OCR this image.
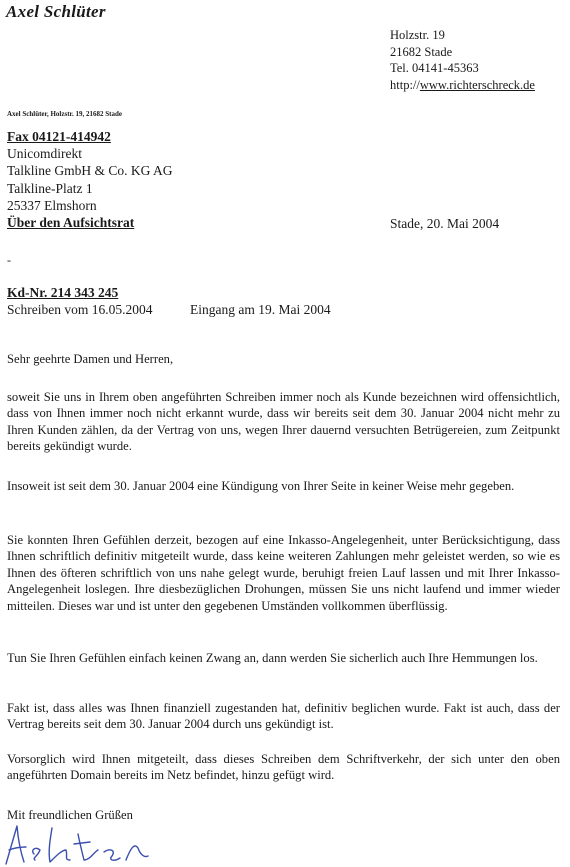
Axel Schlüter
Holzstr. 19
21682 Stade
Tel. 04141-45363
http://www.richterschreck.de
Axel Schlüter, Holzstr. 19, 21682 Stade
Fax 04121-414942
Unicomdirekt
Talkline GmbH & Co. KG AG
Talkline-Platz 1
25337 Elmshorn
Über den Aufsichtsrat	Stade, 20. Mai 2004
-
Kd-Nr. 214 343 245
Schreiben vom 16.05.2004	Eingang am 19. Mai 2004
Sehr geehrte Damen und Herren,
soweit Sie uns in Ihrem oben angeführten Schreiben immer noch als Kunde bezeichnen wird offensichtlich, dass von Ihnen immer noch nicht erkannt wurde, dass wir bereits seit dem 30. Januar 2004 nicht mehr zu Ihren Kunden zählen, da der Vertrag von uns, wegen Ihrer dauernd versuchten Betrügereien, zum Zeitpunkt bereits gekündigt wurde.
Insoweit ist seit dem 30. Januar 2004 eine Kündigung von Ihrer Seite in keiner Weise mehr gegeben.
Sie konnten Ihren Gefühlen derzeit, bezogen auf eine Inkasso-Angelegenheit, unter Berücksichtigung, dass Ihnen schriftlich definitiv mitgeteilt wurde, dass keine weiteren Zahlungen mehr geleistet werden, so wie es Ihnen des öfteren schriftlich von uns nahe gelegt wurde, beruhigt freien Lauf lassen und mit Ihrer Inkasso-Angelegenheit loslegen. Ihre diesbezüglichen Drohungen, müssen Sie uns nicht laufend und immer wieder mitteilen. Dieses war und ist unter den gegebenen Umständen vollkommen überflüssig.
Tun Sie Ihren Gefühlen einfach keinen Zwang an, dann werden Sie sicherlich auch Ihre Hemmungen los.
Fakt ist, dass alles was Ihnen finanziell zugestanden hat, definitiv beglichen wurde. Fakt ist auch, dass der Vertrag bereits seit dem 30. Januar 2004 durch uns gekündigt ist.
Vorsorglich wird Ihnen mitgeteilt, dass dieses Schreiben dem Schriftverkehr, der sich unter den oben angeführten Domain bereits im Netz befindet, hinzu gefügt wird.
Mit freundlichen Grüßen
